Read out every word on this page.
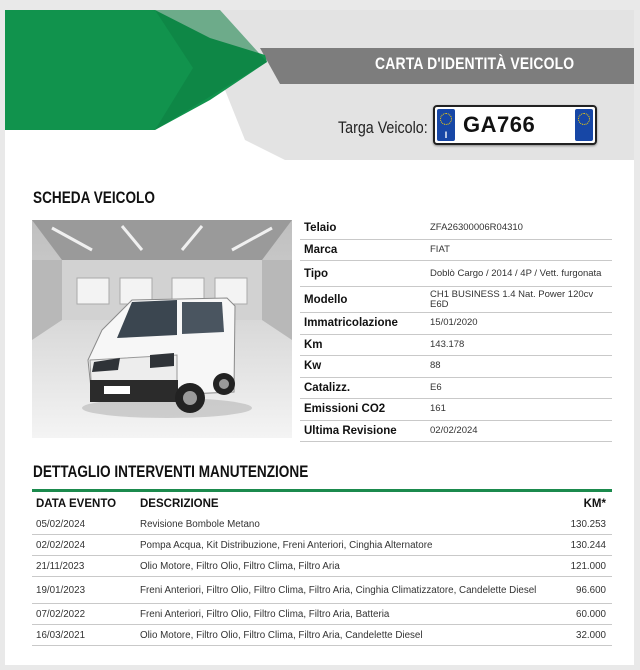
CARTA D'IDENTITÀ VEICOLO
Targa Veicolo:	I GA766
SCHEDA VEICOLO
Telaio	ZFA26300006R04310
Marca	FIAT
Tipo	Doblò Cargo / 2014 / 4P / Vett. furgonata
Modello	CH1 BUSINESS 1.4 Nat. Power 120cv E6D
Immatricolazione	15/01/2020
Km	143.178
Kw	88
Catalizz.	E6
Emissioni CO2	161
Ultima Revisione	02/02/2024
DETTAGLIO INTERVENTI MANUTENZIONE
DATA EVENTO	DESCRIZIONE	KM*
05/02/2024	Revisione Bombole Metano	130.253
02/02/2024	Pompa Acqua, Kit Distribuzione, Freni Anteriori, Cinghia Alternatore	130.244
21/11/2023	Olio Motore, Filtro Olio, Filtro Clima, Filtro Aria	121.000
19/01/2023	Freni Anteriori, Filtro Olio, Filtro Clima, Filtro Aria, Cinghia Climatizzatore, Candelette Diesel	96.600
07/02/2022	Freni Anteriori, Filtro Olio, Filtro Clima, Filtro Aria, Batteria	60.000
16/03/2021	Olio Motore, Filtro Olio, Filtro Clima, Filtro Aria, Candelette Diesel	32.000
